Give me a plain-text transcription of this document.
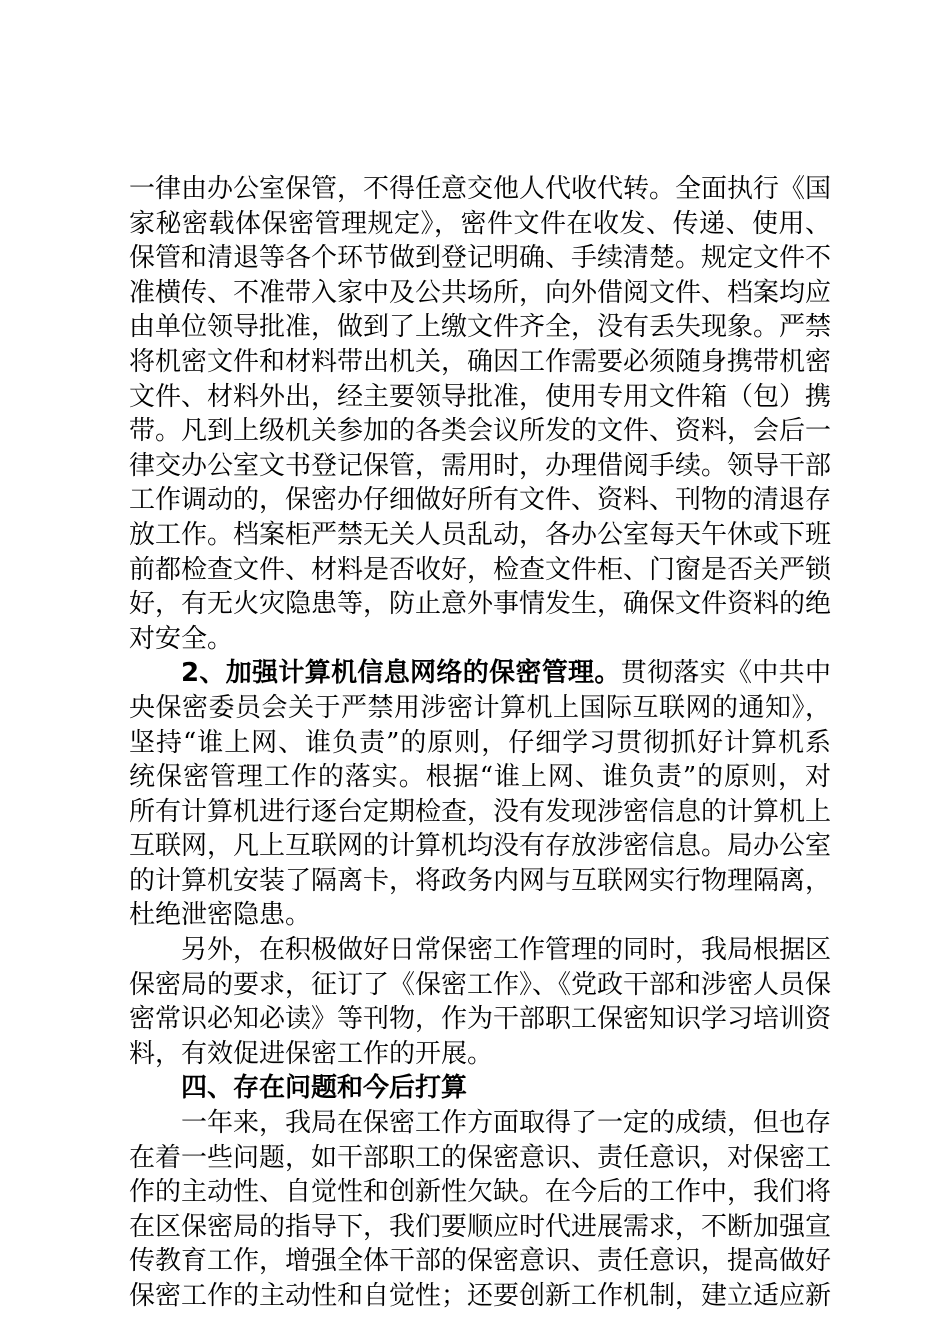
一律由办公室保管，不得任意交他人代收代转。全面执行《国家秘密载体保密管理规定》，密件文件在收发、传递、使用、保管和清退等各个环节做到登记明确、手续清楚。规定文件不准横传、不准带入家中及公共场所，向外借阅文件、档案均应由单位领导批准，做到了上缴文件齐全，没有丢失现象。严禁将机密文件和材料带出机关，确因工作需要必须随身携带机密文件、材料外出，经主要领导批准，使用专用文件箱（包）携带。凡到上级机关参加的各类会议所发的文件、资料，会后一律交办公室文书登记保管，需用时，办理借阅手续。领导干部工作调动的，保密办仔细做好所有文件、资料、刊物的清退存放工作。档案柜严禁无关人员乱动，各办公室每天午休或下班前都检查文件、材料是否收好，检查文件柜、门窗是否关严锁好，有无火灾隐患等，防止意外事情发生，确保文件资料的绝对安全。

2、加强计算机信息网络的保密管理。贯彻落实《中共中央保密委员会关于严禁用涉密计算机上国际互联网的通知》，坚持“谁上网、谁负责”的原则，仔细学习贯彻抓好计算机系统保密管理工作的落实。根据“谁上网、谁负责”的原则，对所有计算机进行逐台定期检查，没有发现涉密信息的计算机上互联网，凡上互联网的计算机均没有存放涉密信息。局办公室的计算机安装了隔离卡，将政务内网与互联网实行物理隔离，杜绝泄密隐患。

另外，在积极做好日常保密工作管理的同时，我局根据区保密局的要求，征订了《保密工作》、《党政干部和涉密人员保密常识必知必读》等刊物，作为干部职工保密知识学习培训资料，有效促进保密工作的开展。

四、存在问题和今后打算

一年来，我局在保密工作方面取得了一定的成绩，但也存在着一些问题，如干部职工的保密意识、责任意识，对保密工作的主动性、自觉性和创新性欠缺。在今后的工作中，我们将在区保密局的指导下，我们要顺应时代进展需求，不断加强宣传教育工作，增强全体干部的保密意识、责任意识，提高做好保密工作的主动性和自觉性；还要创新工作机制，建立适应新
